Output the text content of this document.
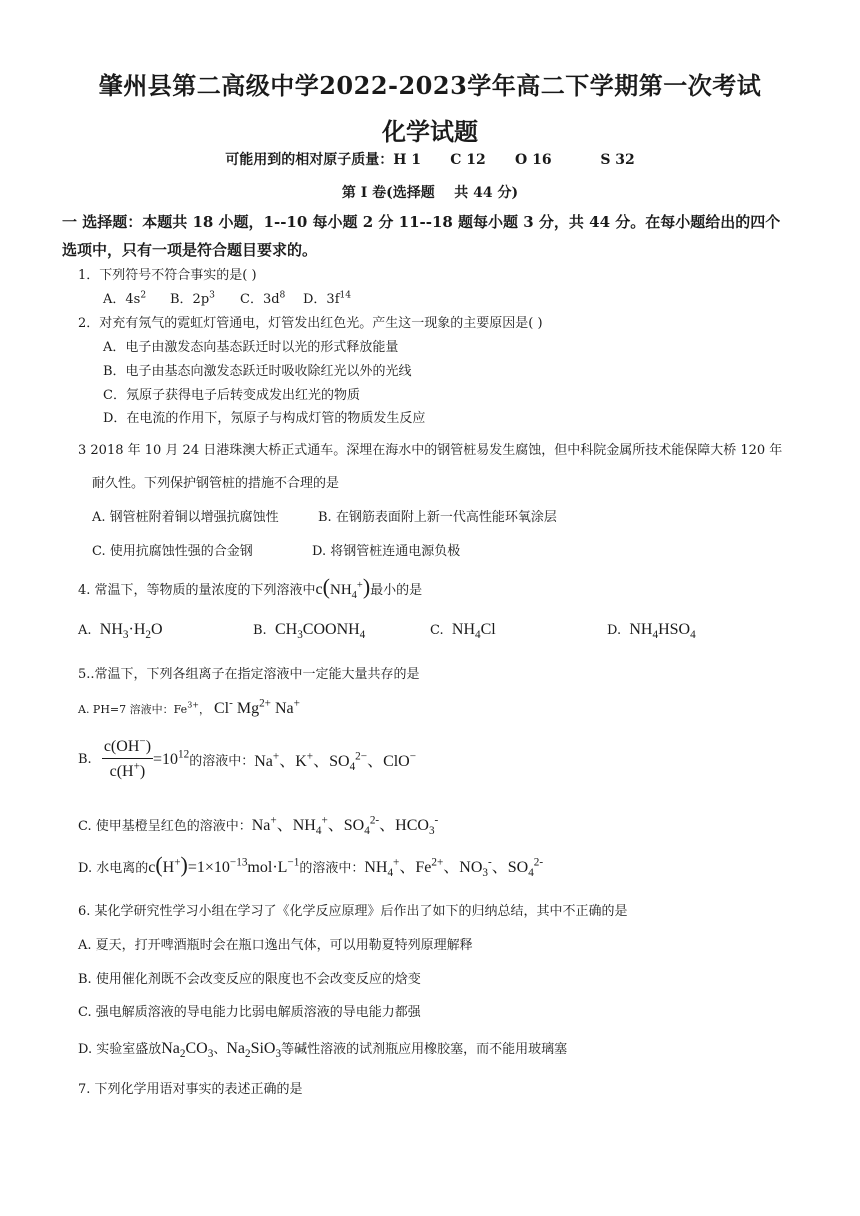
肇州县第二高级中学2022-2023学年高二下学期第一次考试
化学试题
可能用到的相对原子质量：H 1      C 12      O 16          S 32
第 I 卷(选择题    共 44 分)
一 选择题：本题共 18 小题，1--10 每小题 2 分 11--18 题每小题 3 分，共 44 分。在每小题给出的四个选项中，只有一项是符合题目要求的。
1．下列符号不符合事实的是( )
A．$4s^2$ B．$2p^3$ C．$3d^8$ D．$3f^{14}$
2．对充有氖气的霓虹灯管通电，灯管发出红色光。产生这一现象的主要原因是( )
A．电子由激发态向基态跃迁时以光的形式释放能量
B．电子由基态向激发态跃迁时吸收除红光以外的光线
C．氖原子获得电子后转变成发出红光的物质
D．在电流的作用下，氖原子与构成灯管的物质发生反应
3 2018 年 10 月 24 日港珠澳大桥正式通车。深埋在海水中的钢管桩易发生腐蚀，但中科院金属所技术能保障大桥 120 年
耐久性。下列保护钢管桩的措施不合理的是
A. 钢管桩附着铜以增强抗腐蚀性	B. 在钢筋表面附上新一代高性能环氧涂层
C. 使用抗腐蚀性强的合金钢	D. 将钢管桩连通电源负极
4. 常温下，等物质的量浓度的下列溶液中$c(NH_4^+)$最小的是
A. $NH_3\cdot H_2O$	B. $CH_3COONH_4$	C. $NH_4Cl$	D. $NH_4HSO_4$
5..常温下，下列各组离子在指定溶液中一定能大量共存的是
A. PH=7 溶液中：$Fe^{3+}$， Cl- $Mg^{2+}$ Na+
B. $\frac{c(OH^-)}{c(H^+)} =10^{12}$的溶液中：Na+、K+、$SO_4^{2-}$、ClO−
C. 使甲基橙呈红色的溶液中：Na+、$NH_4^+$、$SO_4^{2-}$、$HCO_3^-$
D. 水电离的$c(H^+)=1\times 10^{-13}mol\cdot L^{-1}$的溶液中：$NH_4^+$、$Fe^{2+}$、$NO_3^-$、$SO_4^{2-}$
6. 某化学研究性学习小组在学习了《化学反应原理》后作出了如下的归纳总结，其中不正确的是
A. 夏天，打开啤酒瓶时会在瓶口逸出气体，可以用勒夏特列原理解释
B. 使用催化剂既不会改变反应的限度也不会改变反应的焓变
C. 强电解质溶液的导电能力比弱电解质溶液的导电能力都强
D. 实验室盛放$Na_2CO_3$、$Na_2SiO_3$等碱性溶液的试剂瓶应用橡胶塞，而不能用玻璃塞
7. 下列化学用语对事实的表述正确的是
